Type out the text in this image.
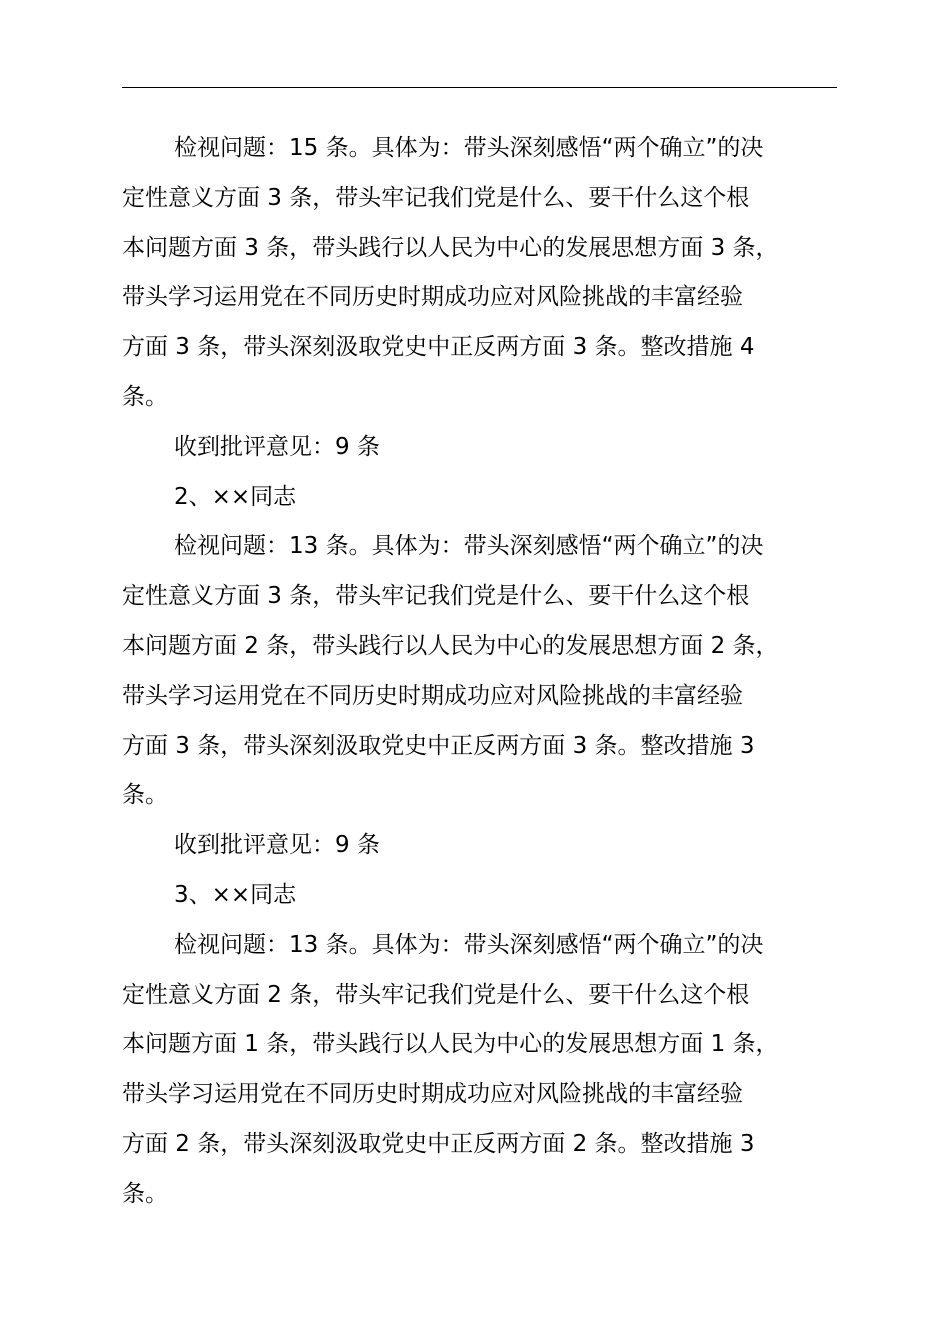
检视问题：15 条。具体为：带头深刻感悟“两个确立”的决
定性意义方面 3 条，带头牢记我们党是什么、要干什么这个根
本问题方面 3 条，带头践行以人民为中心的发展思想方面 3 条，
带头学习运用党在不同历史时期成功应对风险挑战的丰富经验
方面 3 条，带头深刻汲取党史中正反两方面 3 条。整改措施 4
条。
收到批评意见：9 条
2、××同志
检视问题：13 条。具体为：带头深刻感悟“两个确立”的决
定性意义方面 3 条，带头牢记我们党是什么、要干什么这个根
本问题方面 2 条，带头践行以人民为中心的发展思想方面 2 条，
带头学习运用党在不同历史时期成功应对风险挑战的丰富经验
方面 3 条，带头深刻汲取党史中正反两方面 3 条。整改措施 3
条。
收到批评意见：9 条
3、××同志
检视问题：13 条。具体为：带头深刻感悟“两个确立”的决
定性意义方面 2 条，带头牢记我们党是什么、要干什么这个根
本问题方面 1 条，带头践行以人民为中心的发展思想方面 1 条，
带头学习运用党在不同历史时期成功应对风险挑战的丰富经验
方面 2 条，带头深刻汲取党史中正反两方面 2 条。整改措施 3
条。
